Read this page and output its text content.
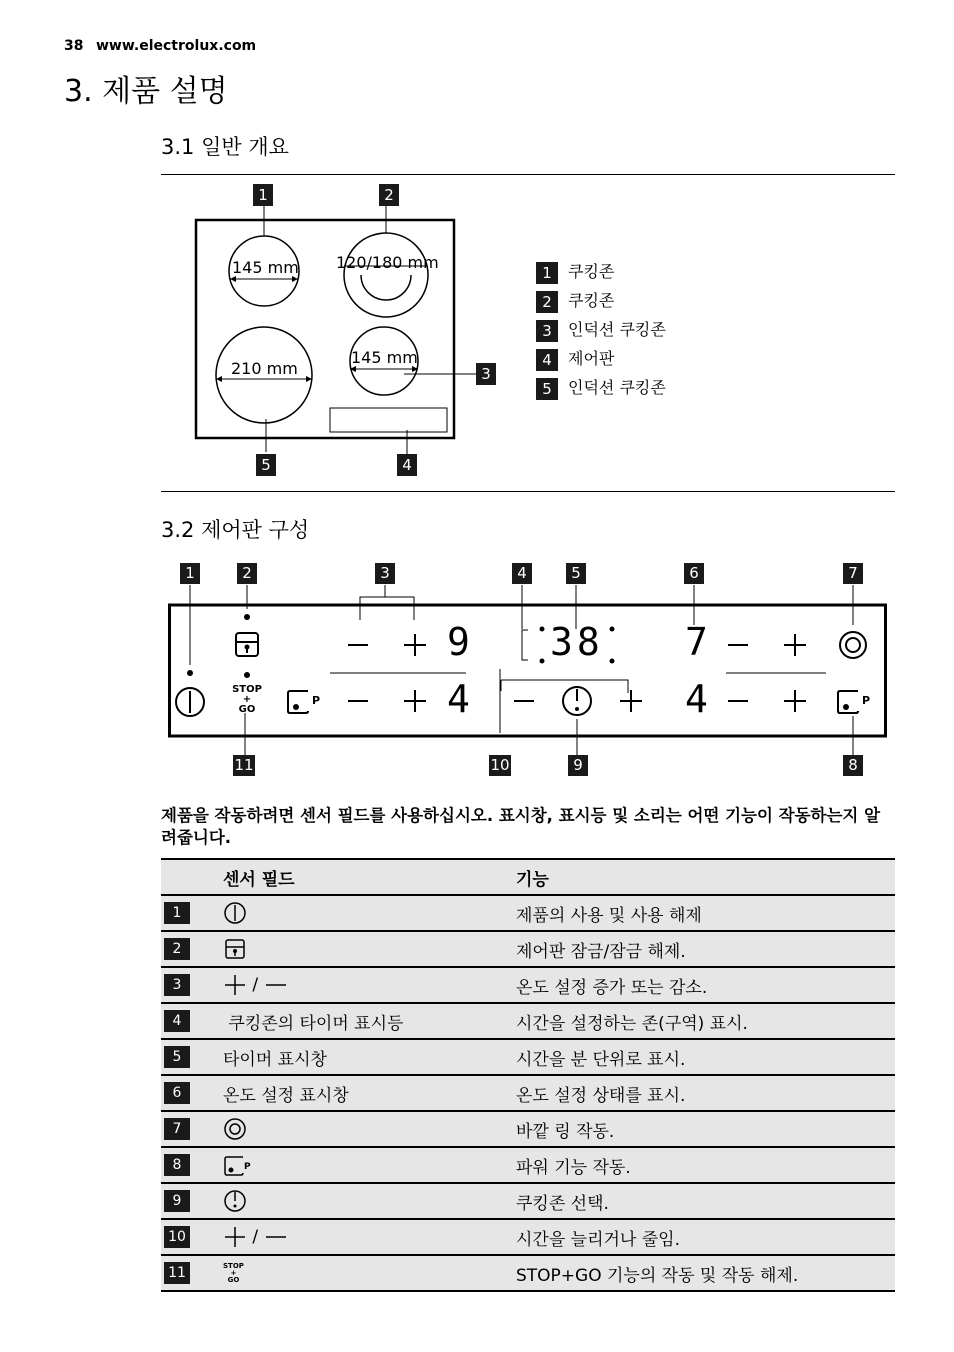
38 www.electrolux.com
3. 제품 설명
3.1 일반 개요
145 mm 120/180 mm
210 mm
145 mm
1	2
3
5	4
1	쿠킹존
2	쿠킹존
3	인덕션 쿠킹존
4	제어판
5	인덕션 쿠킹존
3.2 제어판 구성
9 38 7
4	4
P	P
STOP
+
GO
1	2	3	4	5	6	7
11	10	9	8
제품을 작동하려면 센서 필드를 사용하십시오. 표시창, 표시등 및 소리는 어떤 기능이 작동하는지 알려줍니다.
	센서 필드	기능
1		제품의 사용 및 사용 해제
2		제어판 잠금/잠금 해제.
3	/	온도 설정 증가 또는 감소.
4	쿠킹존의 타이머 표시등	시간을 설정하는 존(구역) 표시.
5	타이머 표시창	시간을 분 단위로 표시.
6	온도 설정 표시창	온도 설정 상태를 표시.
7		바깥 링 작동.
8	P	파워 기능 작동.
9		쿠킹존 선택.
10	/	시간을 늘리거나 줄임.
11	STOP
+
GO	STOP+GO 기능의 작동 및 작동 해제.
